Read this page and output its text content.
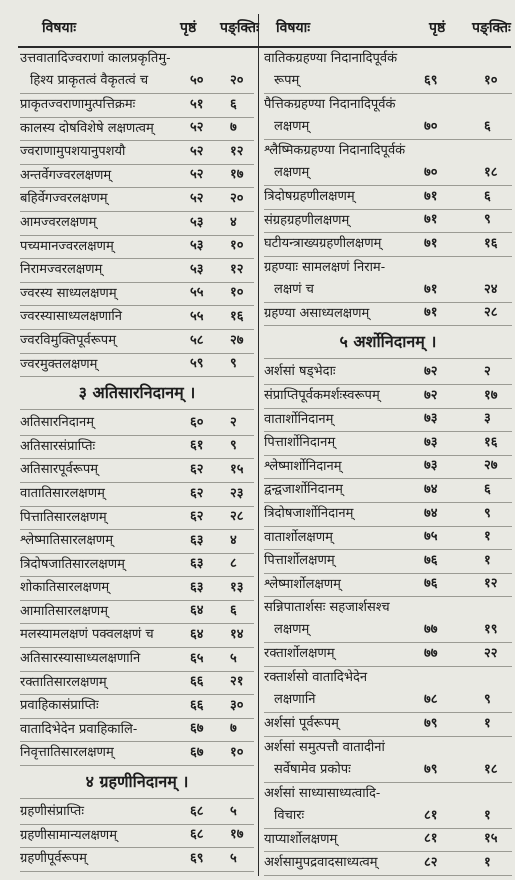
विषयाः	पृष्ठं पङ्क्तिः
उत्तवातादिज्वराणां कालप्रकृतिमु-
हिश्य प्राकृतत्वं वैकृतत्वं च	५० २०
प्राकृतज्वराणामुत्पत्तिक्रमः	५१ ६
कालस्य दोषविशेषे लक्षणत्वम्	५२ ७
ज्वराणामुपशयानुपशयौ	५२ १२
अन्तर्वेगज्वरलक्षणम्	५२ १७
बहिर्वेगज्वरलक्षणम्	५२ २०
आमज्वरलक्षणम्	५३ ४
पच्यमानज्वरलक्षणम्	५३ १०
निरामज्वरलक्षणम्	५३ १२
ज्वरस्य साध्यलक्षणम्	५५ १०
ज्वरस्यासाध्यलक्षणानि	५५ १६
ज्वरविमुक्तिपूर्वरूपम्	५८ २७
ज्वरमुक्तलक्षणम्	५९ ९
३ अतिसारनिदानम् ।
अतिसारनिदानम्	६० २
अतिसारसंप्राप्तिः	६१ ९
अतिसारपूर्वरूपम्	६२ १५
वातातिसारलक्षणम्	६२ २३
पित्तातिसारलक्षणम्	६२ २८
श्लेष्मातिसारलक्षणम्	६३ ४
त्रिदोषजातिसारलक्षणम्	६३ ८
शोकातिसारलक्षणम्	६३ १३
आमातिसारलक्षणम्	६४ ६
मलस्यामलक्षणं पक्वलक्षणं च	६४ १४
अतिसारस्यासाध्यलक्षणानि	६५ ५
रक्तातिसारलक्षणम्	६६ २१
प्रवाहिकासंप्राप्तिः	६६ ३०
वातादिभेदेन प्रवाहिकालि-	६७ ७
निवृत्तातिसारलक्षणम्	६७ १०
४ ग्रहणीनिदानम् ।
ग्रहणीसंप्राप्तिः	६८ ५
ग्रहणीसामान्यलक्षणम्	६८ १७
ग्रहणीपूर्वरूपम्	६९ ५
विषयाः	पृष्ठं पङ्क्तिः
वातिकग्रहण्या निदानादिपूर्वकं
रूपम्	६९	१०
पैत्तिकग्रहण्या निदानादिपूर्वकं
लक्षणम्	७०	६
श्लैष्मिकग्रहण्या निदानादिपूर्वकं
लक्षणम्	७०	१८
त्रिदोषग्रहणीलक्षणम्	७१	६
संग्रहग्रहणीलक्षणम्	७१	९
घटीयन्त्राख्यग्रहणीलक्षणम्	७१	१६
ग्रहण्याः सामलक्षणं निराम-
लक्षणं च	७१	२४
ग्रहण्या असाध्यलक्षणम्	७१	२८
५ अर्शोनिदानम् ।
अर्शसां षड्भेदाः	७२	२
संप्राप्तिपूर्वकमर्शःस्वरूपम्	७२	१७
वातार्शोनिदानम्	७३	३
पित्तार्शोनिदानम्	७३	१६
श्लेष्मार्शोनिदानम्	७३	२७
द्वन्द्वजार्शोनिदानम्	७४	६
त्रिदोषजार्शोनिदानम्	७४	९
वातार्शोलक्षणम्	७५	१
पित्तार्शोलक्षणम्	७६	१
श्लेष्मार्शोलक्षणम्	७६	१२
सन्निपातार्शसः सहजार्शसश्च
लक्षणम्	७७	१९
रक्तार्शोलक्षणम्	७७	२२
रक्तार्शसो वातादिभेदेन
लक्षणानि	७८	९
अर्शसां पूर्वरूपम्	७९	१
अर्शसां समुत्पत्तौ वातादीनां
सर्वेषामेव प्रकोपः	७९	१८
अर्शसां साध्यासाध्यत्वादि-
विचारः	८१	१
याप्यार्शोलक्षणम्	८१	१५
अर्शसामुपद्रवादसाध्यत्वम्	८२	१
